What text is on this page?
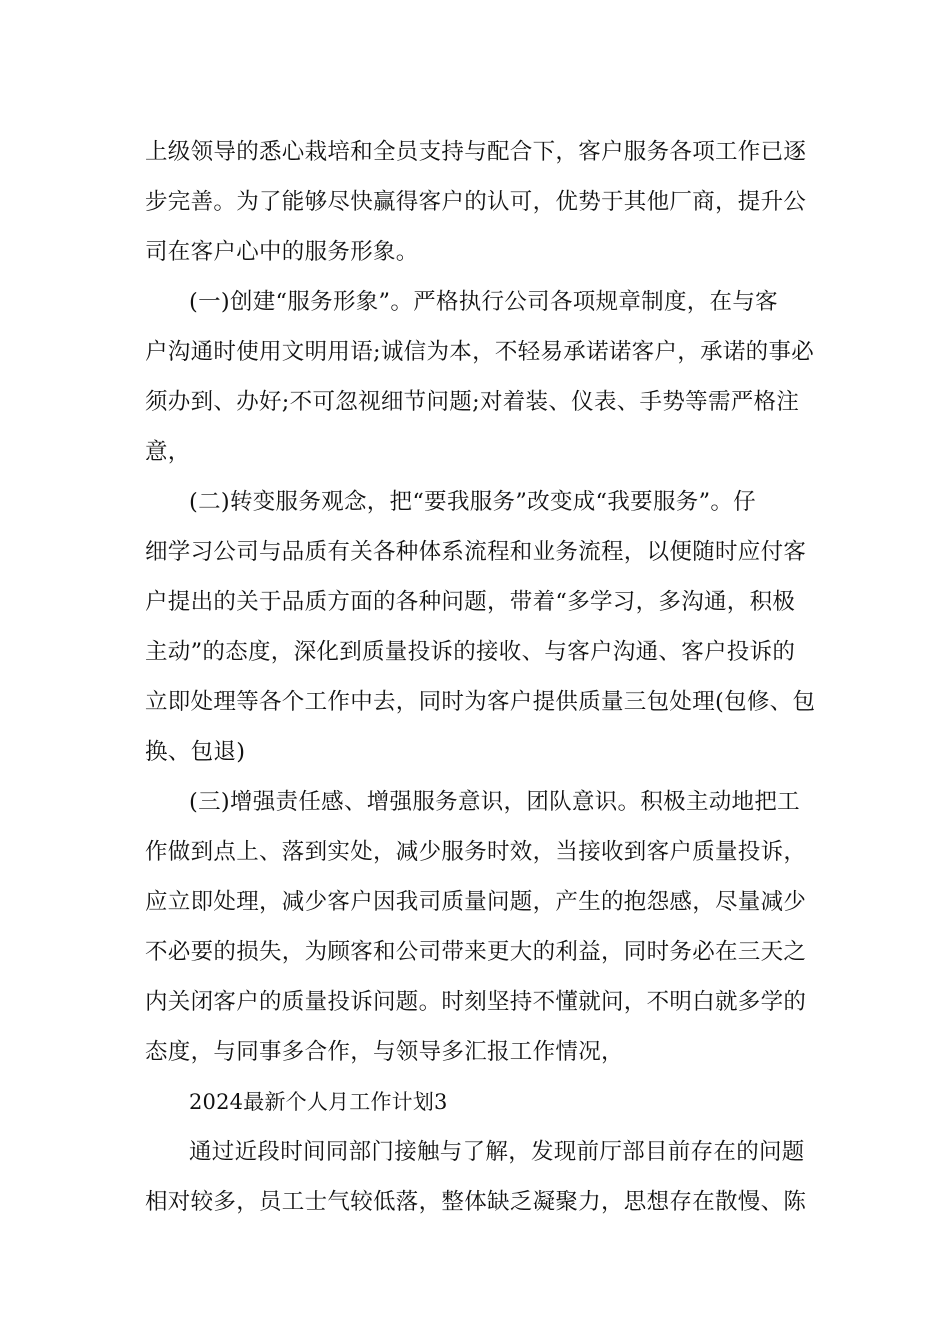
上级领导的悉心栽培和全员支持与配合下，客户服务各项工作已逐
步完善。为了能够尽快赢得客户的认可，优势于其他厂商，提升公
司在客户心中的服务形象。
(一)创建“服务形象”。严格执行公司各项规章制度，在与客
户沟通时使用文明用语;诚信为本，不轻易承诺诺客户，承诺的事必
须办到、办好;不可忽视细节问题;对着装、仪表、手势等需严格注
意，
(二)转变服务观念，把“要我服务”改变成“我要服务”。仔
细学习公司与品质有关各种体系流程和业务流程，以便随时应付客
户提出的关于品质方面的各种问题，带着“多学习，多沟通，积极
主动”的态度，深化到质量投诉的接收、与客户沟通、客户投诉的
立即处理等各个工作中去，同时为客户提供质量三包处理(包修、包
换、包退)
(三)增强责任感、增强服务意识，团队意识。积极主动地把工
作做到点上、落到实处，减少服务时效，当接收到客户质量投诉，
应立即处理，减少客户因我司质量问题，产生的抱怨感，尽量减少
不必要的损失，为顾客和公司带来更大的利益，同时务必在三天之
内关闭客户的质量投诉问题。时刻坚持不懂就问，不明白就多学的
态度，与同事多合作，与领导多汇报工作情况，
2024最新个人月工作计划3
通过近段时间同部门接触与了解，发现前厅部目前存在的问题
相对较多，员工士气较低落，整体缺乏凝聚力，思想存在散慢、陈
